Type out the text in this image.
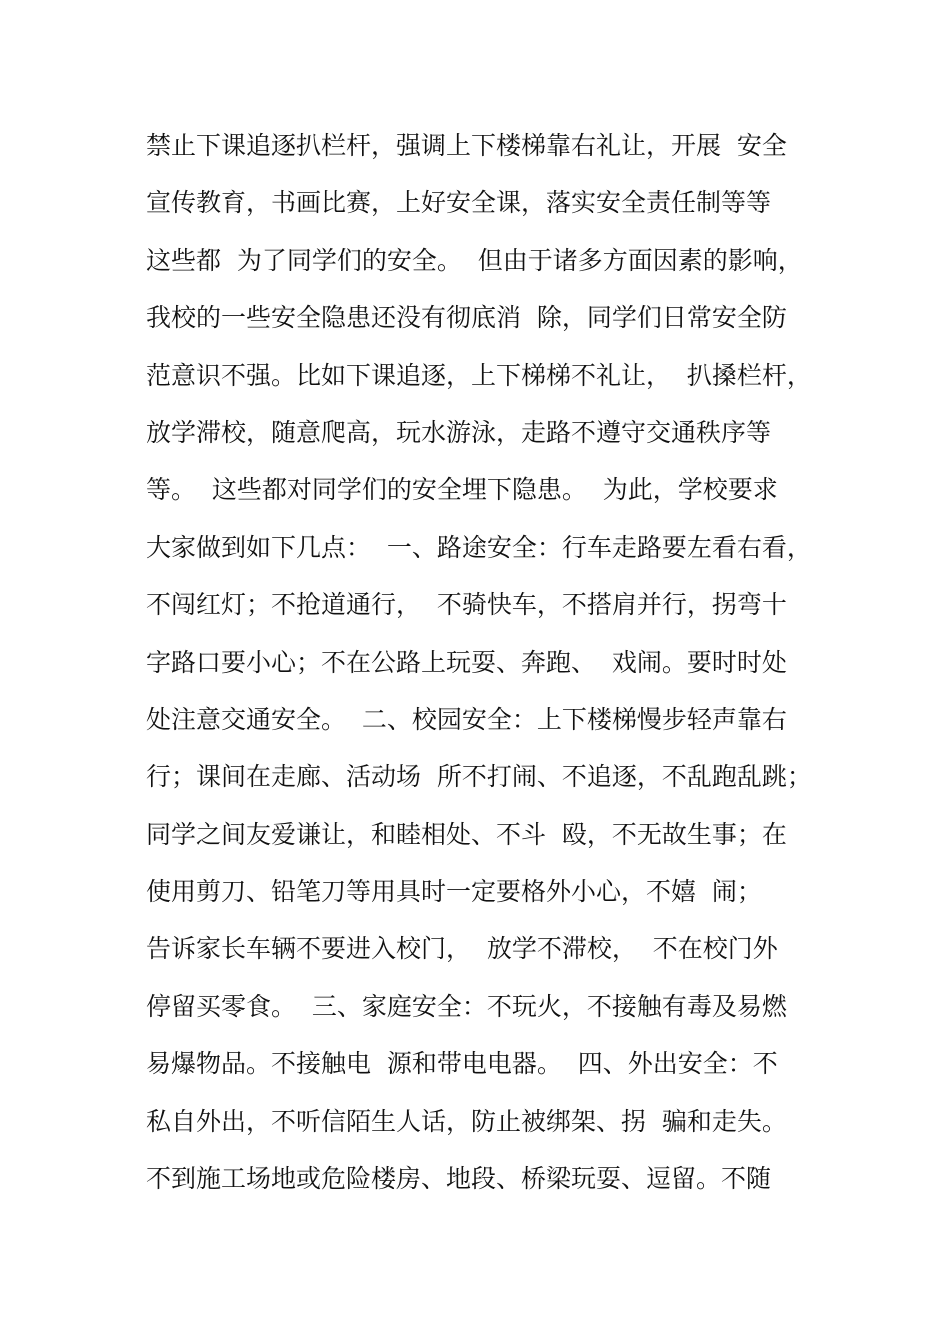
禁止下课追逐扒栏杆，强调上下楼梯靠右礼让，开展  安全
宣传教育，书画比赛，上好安全课，落实安全责任制等等
这些都  为了同学们的安全。  但由于诸多方面因素的影响，
我校的一些安全隐患还没有彻底消  除，同学们日常安全防
范意识不强。比如下课追逐，上下梯梯不礼让，  扒搡栏杆，
放学滞校，随意爬高，玩水游泳，走路不遵守交通秩序等
等。  这些都对同学们的安全埋下隐患。  为此，学校要求
大家做到如下几点：  一、路途安全：行车走路要左看右看，
不闯红灯；不抢道通行，  不骑快车，不搭肩并行，拐弯十
字路口要小心；不在公路上玩耍、奔跑、  戏闹。要时时处
处注意交通安全。  二、校园安全：上下楼梯慢步轻声靠右
行；课间在走廊、活动场  所不打闹、不追逐，不乱跑乱跳；
同学之间友爱谦让，和睦相处、不斗  殴，不无故生事；在
使用剪刀、铅笔刀等用具时一定要格外小心，不嬉  闹；
告诉家长车辆不要进入校门，  放学不滞校，  不在校门外
停留买零食。  三、家庭安全：不玩火，不接触有毒及易燃
易爆物品。不接触电  源和带电电器。  四、外出安全：不
私自外出，不听信陌生人话，防止被绑架、拐  骗和走失。
不到施工场地或危险楼房、地段、桥梁玩耍、逗留。不随
